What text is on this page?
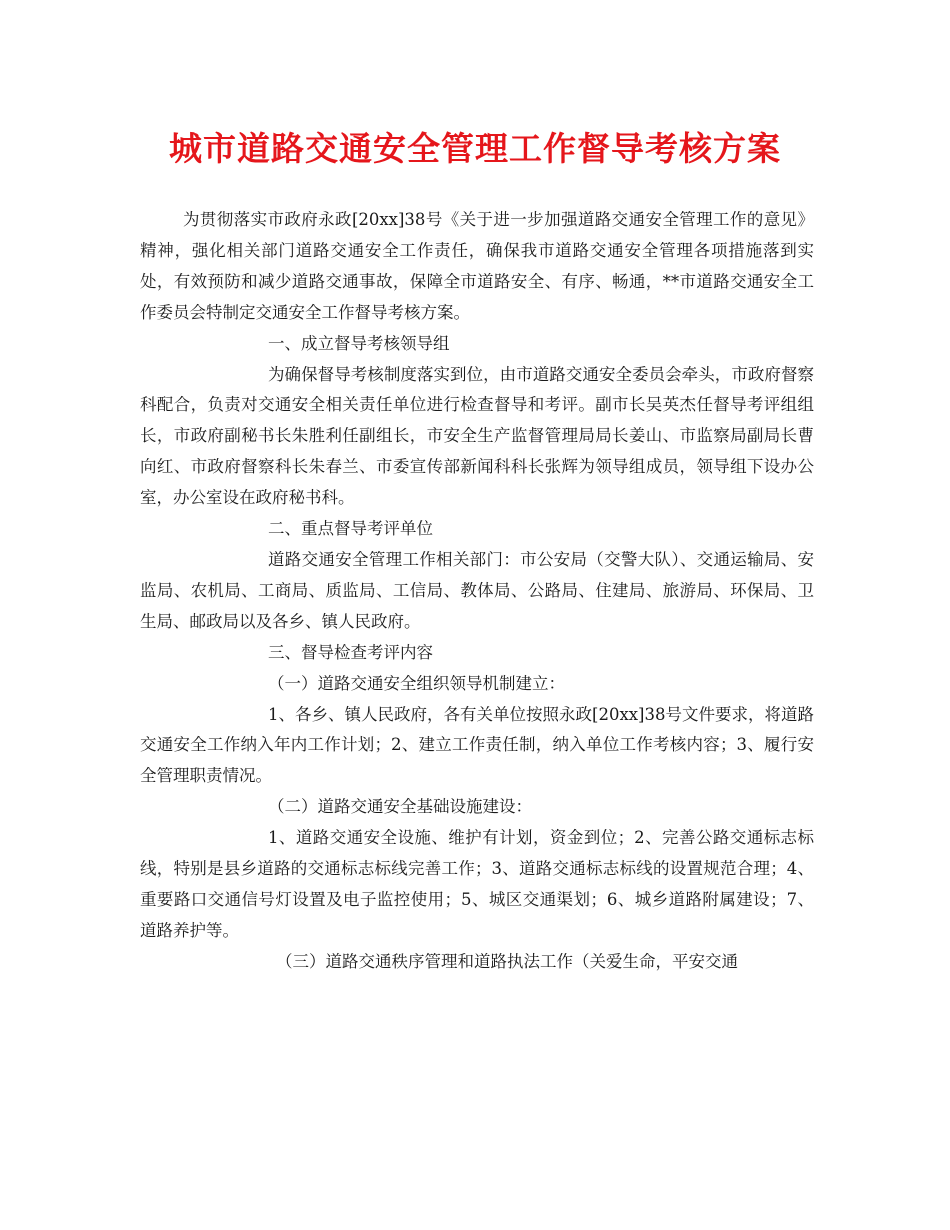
城市道路交通安全管理工作督导考核方案

为贯彻落实市政府永政[20xx]38号《关于进一步加强道路交通安全管理工作的意见》精神，强化相关部门道路交通安全工作责任，确保我市道路交通安全管理各项措施落到实处，有效预防和减少道路交通事故，保障全市道路安全、有序、畅通，**市道路交通安全工作委员会特制定交通安全工作督导考核方案。

一、成立督导考核领导组

为确保督导考核制度落实到位，由市道路交通安全委员会牵头，市政府督察科配合，负责对交通安全相关责任单位进行检查督导和考评。副市长吴英杰任督导考评组组长，市政府副秘书长朱胜利任副组长，市安全生产监督管理局局长姜山、市监察局副局长曹向红、市政府督察科长朱春兰、市委宣传部新闻科科长张辉为领导组成员，领导组下设办公室，办公室设在政府秘书科。

二、重点督导考评单位

道路交通安全管理工作相关部门：市公安局（交警大队）、交通运输局、安监局、农机局、工商局、质监局、工信局、教体局、公路局、住建局、旅游局、环保局、卫生局、邮政局以及各乡、镇人民政府。

三、督导检查考评内容

（一）道路交通安全组织领导机制建立：

1、各乡、镇人民政府，各有关单位按照永政[20xx]38号文件要求，将道路交通安全工作纳入年内工作计划；2、建立工作责任制，纳入单位工作考核内容；3、履行安全管理职责情况。

（二）道路交通安全基础设施建设：

1、道路交通安全设施、维护有计划，资金到位；2、完善公路交通标志标线，特别是县乡道路的交通标志标线完善工作；3、道路交通标志标线的设置规范合理；4、重要路口交通信号灯设置及电子监控使用；5、城区交通渠划；6、城乡道路附属建设；7、道路养护等。

（三）道路交通秩序管理和道路执法工作（关爱生命，平安交通
